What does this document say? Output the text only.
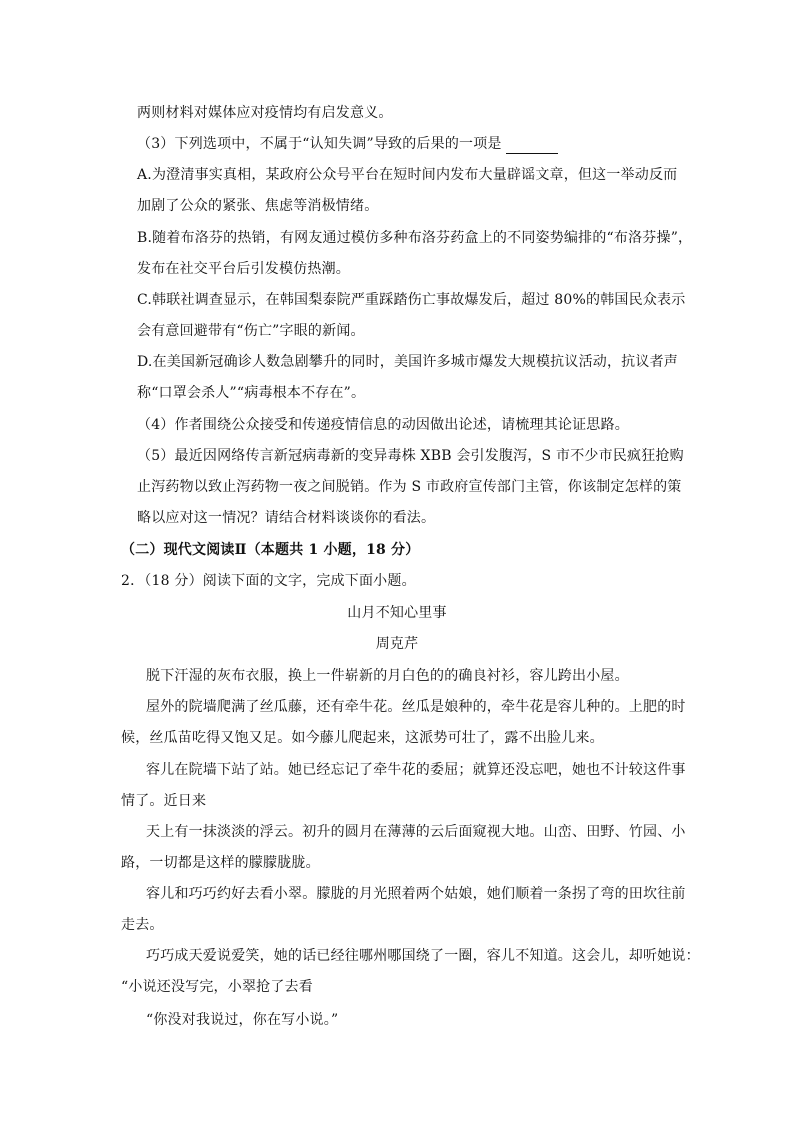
两则材料对媒体应对疫情均有启发意义。
（3）下列选项中，不属于“认知失调”导致的后果的一项是
A.为澄清事实真相，某政府公众号平台在短时间内发布大量辟谣文章，但这一举动反而
加剧了公众的紧张、焦虑等消极情绪。
B.随着布洛芬的热销，有网友通过模仿多种布洛芬药盒上的不同姿势编排的“布洛芬操”，
发布在社交平台后引发模仿热潮。
C.韩联社调查显示，在韩国梨泰院严重踩踏伤亡事故爆发后，超过 80%的韩国民众表示
会有意回避带有“伤亡”字眼的新闻。
D.在美国新冠确诊人数急剧攀升的同时，美国许多城市爆发大规模抗议活动，抗议者声
称“口罩会杀人”“病毒根本不存在”。
（4）作者围绕公众接受和传递疫情信息的动因做出论述，请梳理其论证思路。
（5）最近因网络传言新冠病毒新的变异毒株 XBB 会引发腹泻，S 市不少市民疯狂抢购
止泻药物以致止泻药物一夜之间脱销。作为 S 市政府宣传部门主管，你该制定怎样的策
略以应对这一情况？请结合材料谈谈你的看法。
（二）现代文阅读Ⅱ（本题共 1 小题，18 分）
2．（18 分）阅读下面的文字，完成下面小题。
山月不知心里事
周克芹
脱下汗湿的灰布衣服，换上一件崭新的月白色的的确良衬衫，容儿跨出小屋。
屋外的院墙爬满了丝瓜藤，还有牵牛花。丝瓜是娘种的，牵牛花是容儿种的。上肥的时
候，丝瓜苗吃得又饱又足。如今藤儿爬起来，这派势可壮了，露不出脸儿来。
容儿在院墙下站了站。她已经忘记了牵牛花的委屈；就算还没忘吧，她也不计较这件事
情了。近日来
天上有一抹淡淡的浮云。初升的圆月在薄薄的云后面窥视大地。山峦、田野、竹园、小
路，一切都是这样的朦朦胧胧。
容儿和巧巧约好去看小翠。朦胧的月光照着两个姑娘，她们顺着一条拐了弯的田坎往前
走去。
巧巧成天爱说爱笑，她的话已经往哪州哪国绕了一圈，容儿不知道。这会儿，却听她说：
“小说还没写完，小翠抢了去看
“你没对我说过，你在写小说。”
